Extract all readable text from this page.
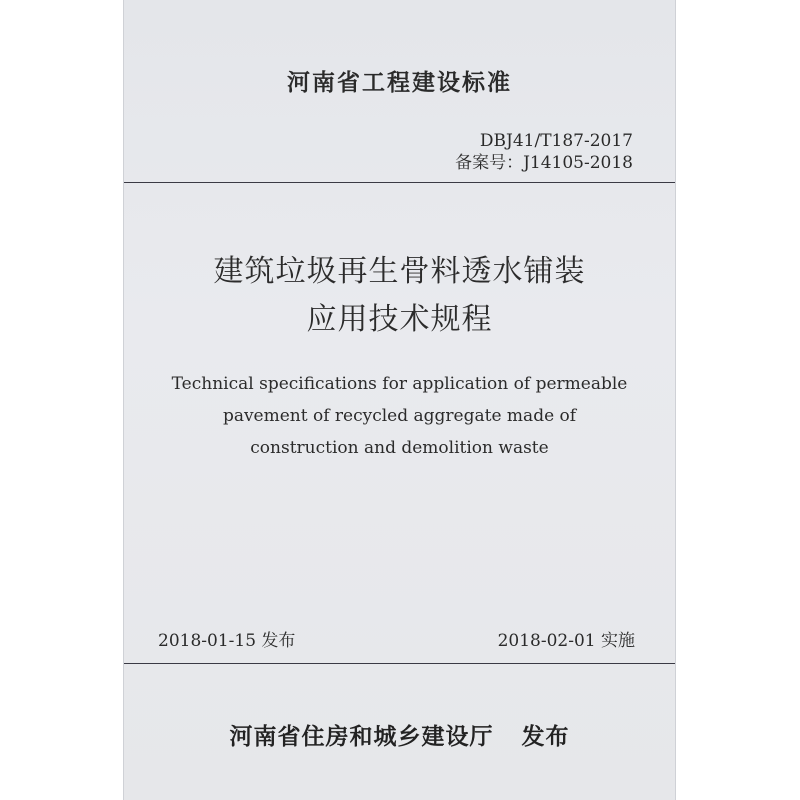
河南省工程建设标准
DBJ41/T187-2017
备案号：J14105-2018
建筑垃圾再生骨料透水铺装
应用技术规程
Technical specifications for application of permeable
pavement of recycled aggregate made of
construction and demolition waste
2018-01-15 发布	2018-02-01 实施
河南省住房和城乡建设厅 发布
